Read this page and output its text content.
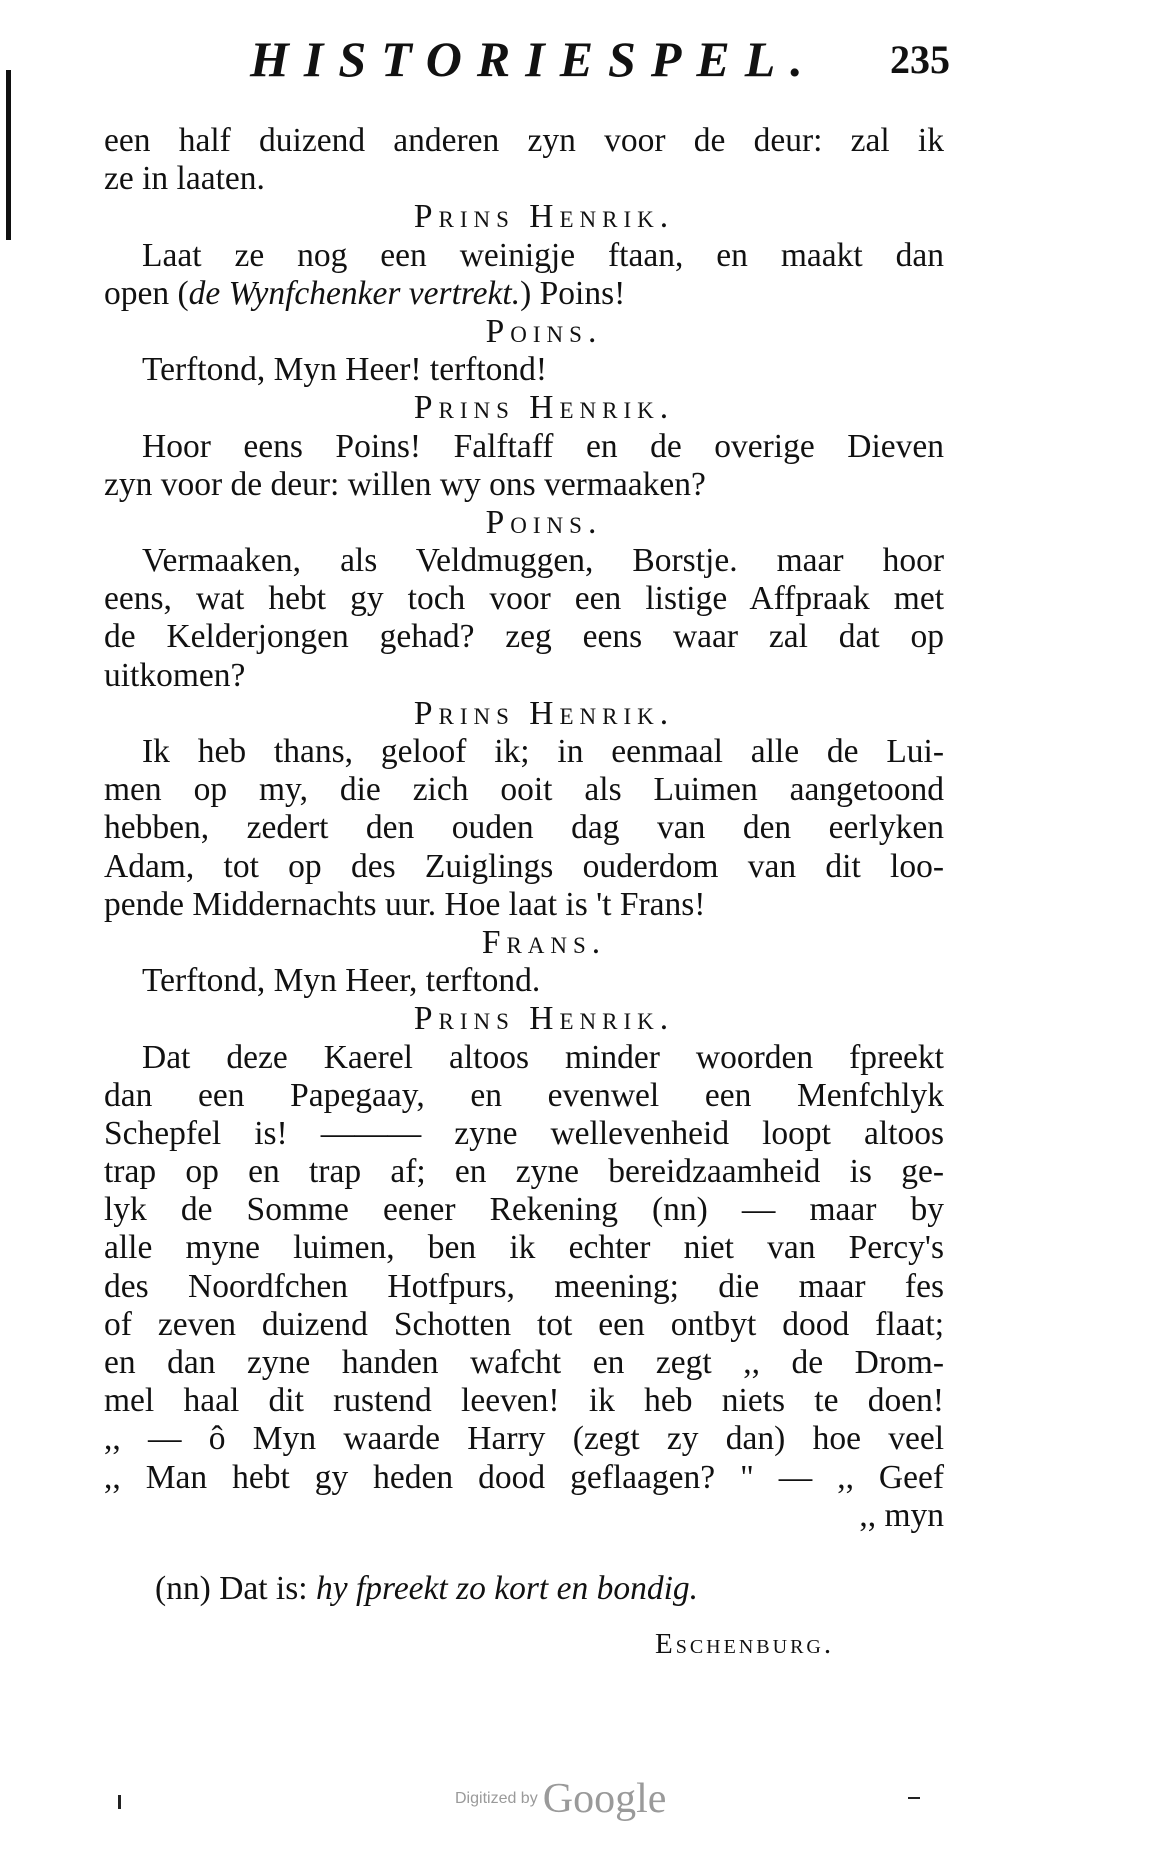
HISTORIESPEL. 235
een half duizend anderen zyn voor de deur: zal ik
ze in laaten.
Prins Henrik.
Laat ze nog een weinigje ftaan, en maakt dan
open (de Wynfchenker vertrekt.) Poins!
Poins.
Terftond, Myn Heer! terftond!
Prins Henrik.
Hoor eens Poins! Falftaff en de overige Dieven
zyn voor de deur: willen wy ons vermaaken?
Poins.
Vermaaken, als Veldmuggen, Borstje. maar hoor
eens, wat hebt gy toch voor een listige Affpraak met
de Kelderjongen gehad? zeg eens waar zal dat op
uitkomen?
Prins Henrik.
Ik heb thans, geloof ik; in eenmaal alle de Lui-
men op my, die zich ooit als Luimen aangetoond
hebben, zedert den ouden dag van den eerlyken
Adam, tot op des Zuiglings ouderdom van dit loo-
pende Middernachts uur. Hoe laat is 't Frans!
Frans.
Terftond, Myn Heer, terftond.
Prins Henrik.
Dat deze Kaerel altoos minder woorden fpreekt
dan een Papegaay, en evenwel een Menfchlyk
Schepfel is! ——— zyne wellevenheid loopt altoos
trap op en trap af; en zyne bereidzaamheid is ge-
lyk de Somme eener Rekening (nn) — maar by
alle myne luimen, ben ik echter niet van Percy's
des Noordfchen Hotfpurs, meening; die maar fes
of zeven duizend Schotten tot een ontbyt dood flaat;
en dan zyne handen wafcht en zegt ,, de Drom-
mel haal dit rustend leeven! ik heb niets te doen!
,, — ô Myn waarde Harry (zegt zy dan) hoe veel
,, Man hebt gy heden dood geflaagen? " — ,, Geef
,, myn
(nn) Dat is: hy fpreekt zo kort en bondig.
Eschenburg.
Digitized by Google
